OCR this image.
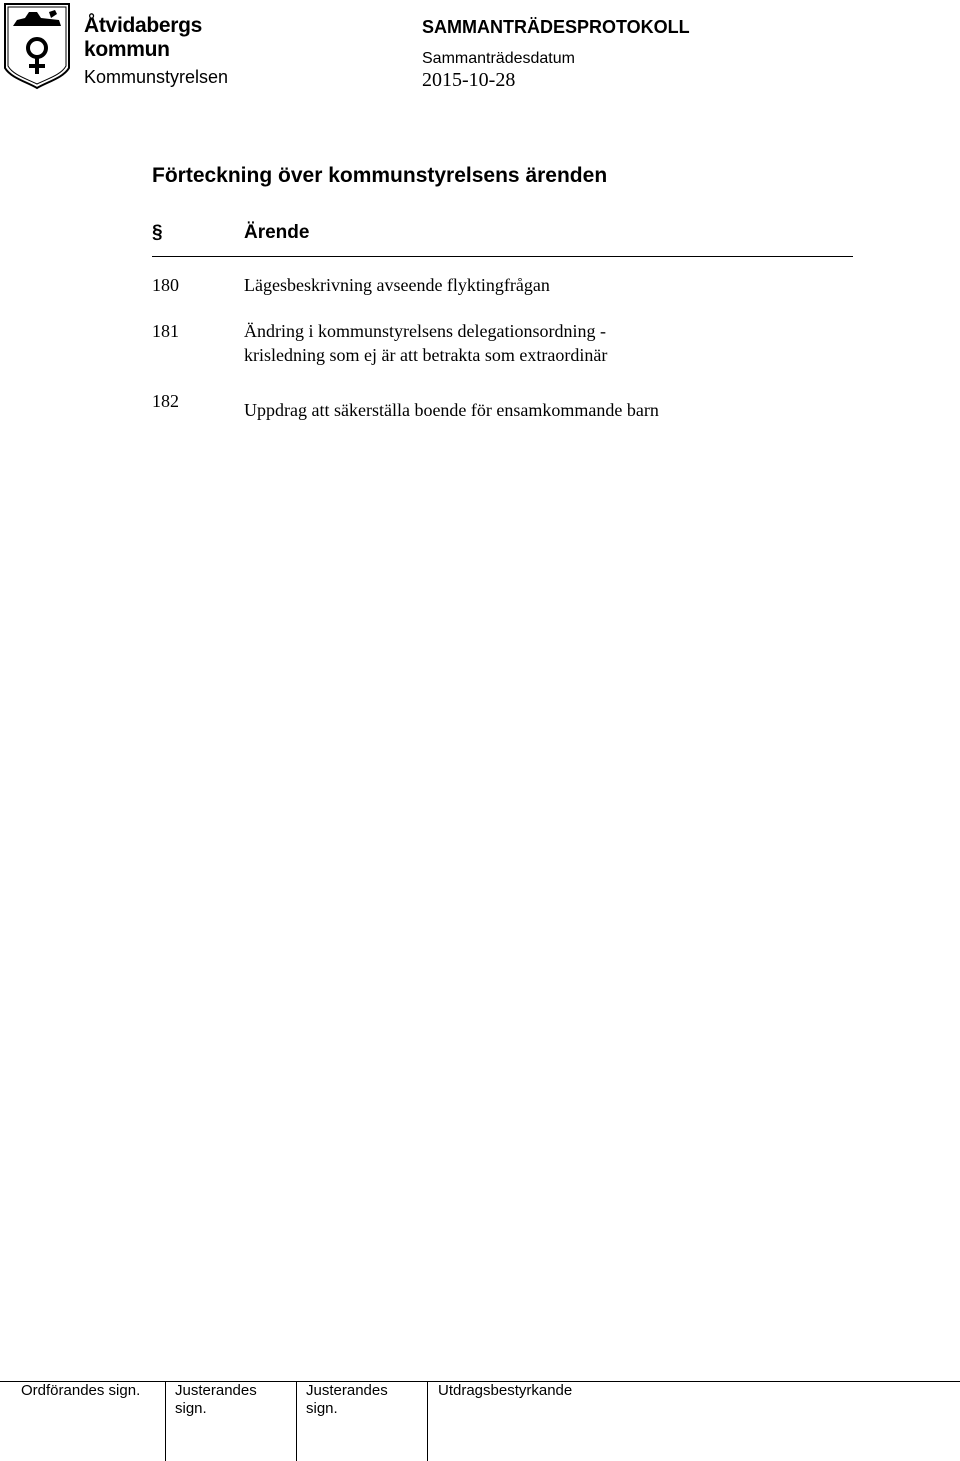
Åtvidabergs
kommun
Kommunstyrelsen
SAMMANTRÄDESPROTOKOLL
Sammanträdesdatum
2015-10-28
Förteckning över kommunstyrelsens ärenden
§	Ärende
180	Lägesbeskrivning avseende flyktingfrågan
181	Ändring i kommunstyrelsens delegationsordning -
krisledning som ej är att betrakta som extraordinär
182	Uppdrag att säkerställa boende för ensamkommande barn
Ordförandes sign. Justerandes
sign.
Justerandes
sign.
Utdragsbestyrkande
